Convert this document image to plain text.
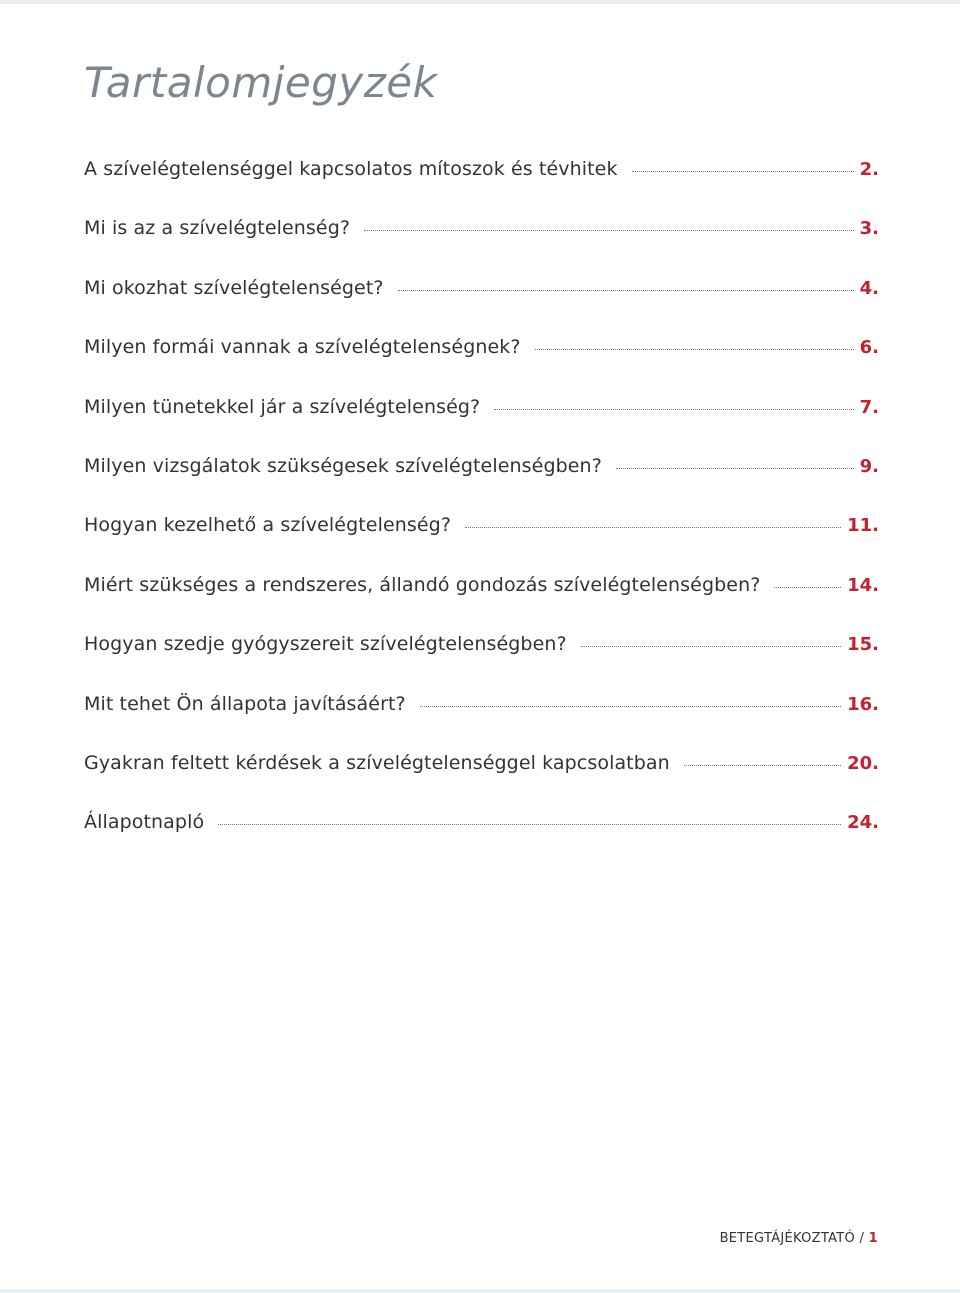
Tartalomjegyzék
A szívelégtelenséggel kapcsolatos mítoszok és tévhitek	2.
Mi is az a szívelégtelenség?	3.
Mi okozhat szívelégtelenséget?	4.
Milyen formái vannak a szívelégtelenségnek?	6.
Milyen tünetekkel jár a szívelégtelenség?	7.
Milyen vizsgálatok szükségesek szívelégtelenségben?	9.
Hogyan kezelhető a szívelégtelenség?	11.
Miért szükséges a rendszeres, állandó gondozás szívelégtelenségben?	14.
Hogyan szedje gyógyszereit szívelégtelenségben?	15.
Mit tehet Ön állapota javításáért?	16.
Gyakran feltett kérdések a szívelégtelenséggel kapcsolatban	20.
Állapotnapló	24.
BETEGTÁJÉKOZTATÓ / 1
